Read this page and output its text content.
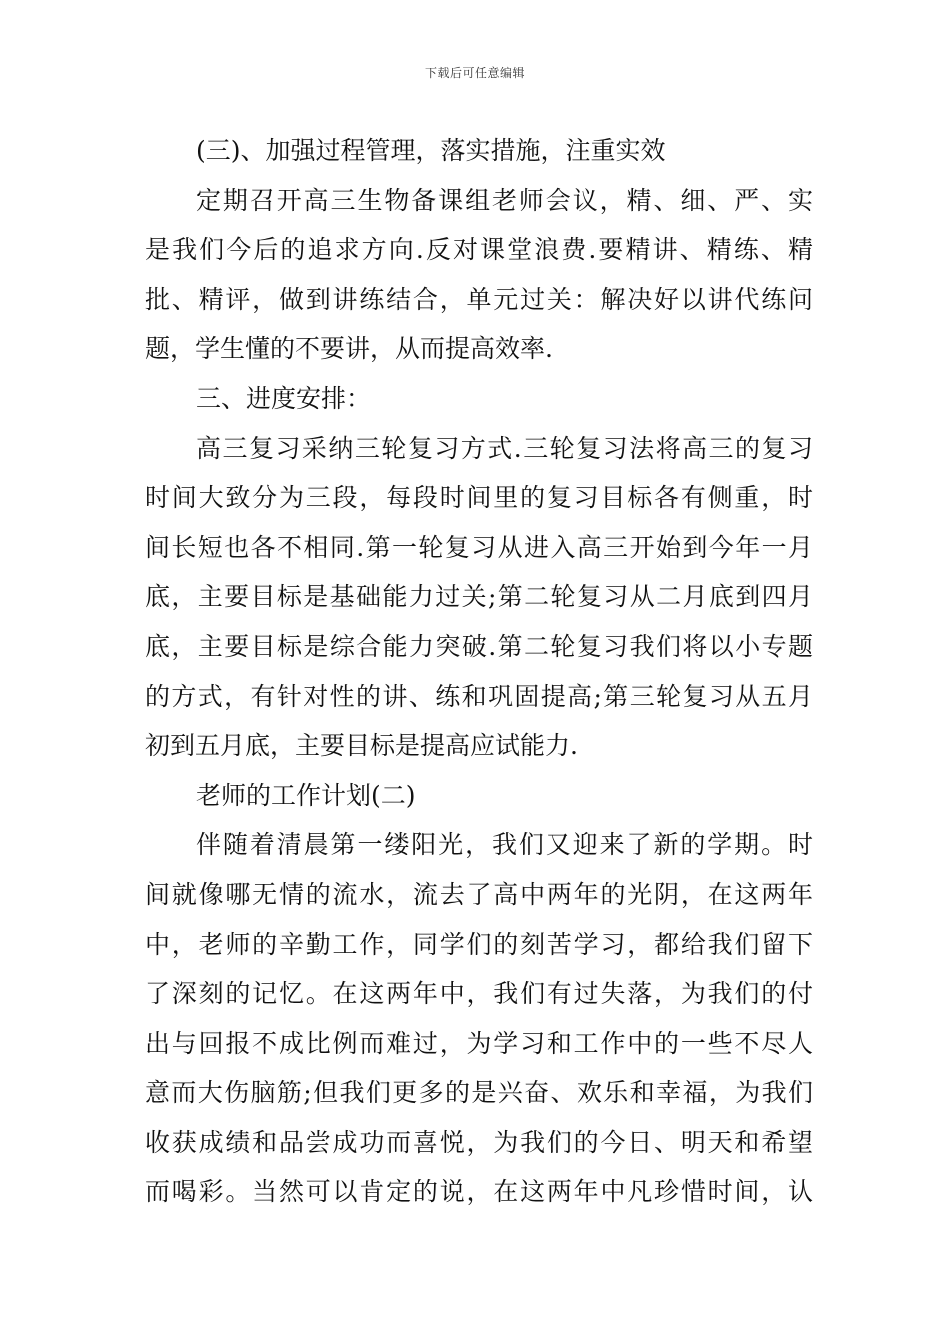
下载后可任意编辑
(三)、加强过程管理，落实措施，注重实效
定期召开高三生物备课组老师会议，精、细、严、实
是我们今后的追求方向.反对课堂浪费.要精讲、精练、精
批、精评，做到讲练结合，单元过关：解决好以讲代练问
题，学生懂的不要讲，从而提高效率.
三、进度安排：
高三复习采纳三轮复习方式.三轮复习法将高三的复习
时间大致分为三段，每段时间里的复习目标各有侧重，时
间长短也各不相同.第一轮复习从进入高三开始到今年一月
底，主要目标是基础能力过关;第二轮复习从二月底到四月
底，主要目标是综合能力突破.第二轮复习我们将以小专题
的方式，有针对性的讲、练和巩固提高;第三轮复习从五月
初到五月底，主要目标是提高应试能力.
老师的工作计划(二)
伴随着清晨第一缕阳光，我们又迎来了新的学期。时
间就像哪无情的流水，流去了高中两年的光阴，在这两年
中，老师的辛勤工作，同学们的刻苦学习，都给我们留下
了深刻的记忆。在这两年中，我们有过失落，为我们的付
出与回报不成比例而难过，为学习和工作中的一些不尽人
意而大伤脑筋;但我们更多的是兴奋、欢乐和幸福，为我们
收获成绩和品尝成功而喜悦，为我们的今日、明天和希望
而喝彩。当然可以肯定的说，在这两年中凡珍惜时间，认
